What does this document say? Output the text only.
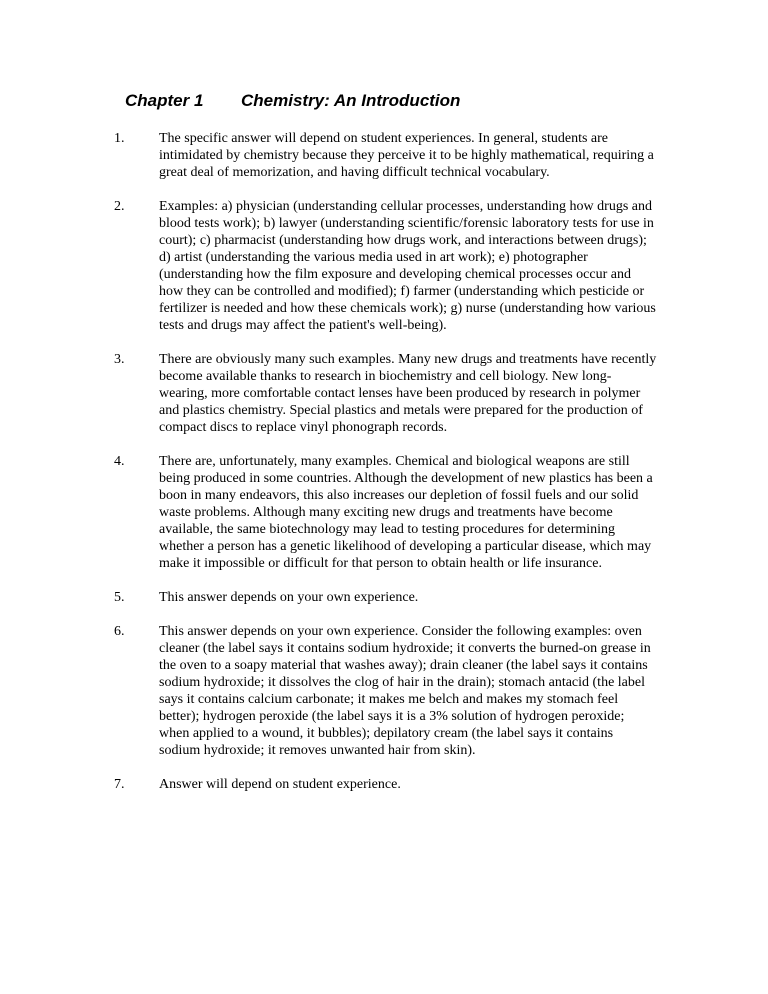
Chapter 1 Chemistry: An Introduction
1. The specific answer will depend on student experiences. In general, students are intimidated by chemistry because they perceive it to be highly mathematical, requiring a great deal of memorization, and having difficult technical vocabulary.
2. Examples: a) physician (understanding cellular processes, understanding how drugs and blood tests work); b) lawyer (understanding scientific/forensic laboratory tests for use in court); c) pharmacist (understanding how drugs work, and interactions between drugs); d) artist (understanding the various media used in art work); e) photographer (understanding how the film exposure and developing chemical processes occur and how they can be controlled and modified); f) farmer (understanding which pesticide or fertilizer is needed and how these chemicals work); g) nurse (understanding how various tests and drugs may affect the patient's well-being).
3. There are obviously many such examples. Many new drugs and treatments have recently become available thanks to research in biochemistry and cell biology. New long-wearing, more comfortable contact lenses have been produced by research in polymer and plastics chemistry. Special plastics and metals were prepared for the production of compact discs to replace vinyl phonograph records.
4. There are, unfortunately, many examples. Chemical and biological weapons are still being produced in some countries. Although the development of new plastics has been a boon in many endeavors, this also increases our depletion of fossil fuels and our solid waste problems. Although many exciting new drugs and treatments have become available, the same biotechnology may lead to testing procedures for determining whether a person has a genetic likelihood of developing a particular disease, which may make it impossible or difficult for that person to obtain health or life insurance.
5. This answer depends on your own experience.
6. This answer depends on your own experience. Consider the following examples: oven cleaner (the label says it contains sodium hydroxide; it converts the burned-on grease in the oven to a soapy material that washes away); drain cleaner (the label says it contains sodium hydroxide; it dissolves the clog of hair in the drain); stomach antacid (the label says it contains calcium carbonate; it makes me belch and makes my stomach feel better); hydrogen peroxide (the label says it is a 3% solution of hydrogen peroxide; when applied to a wound, it bubbles); depilatory cream (the label says it contains sodium hydroxide; it removes unwanted hair from skin).
7. Answer will depend on student experience.
